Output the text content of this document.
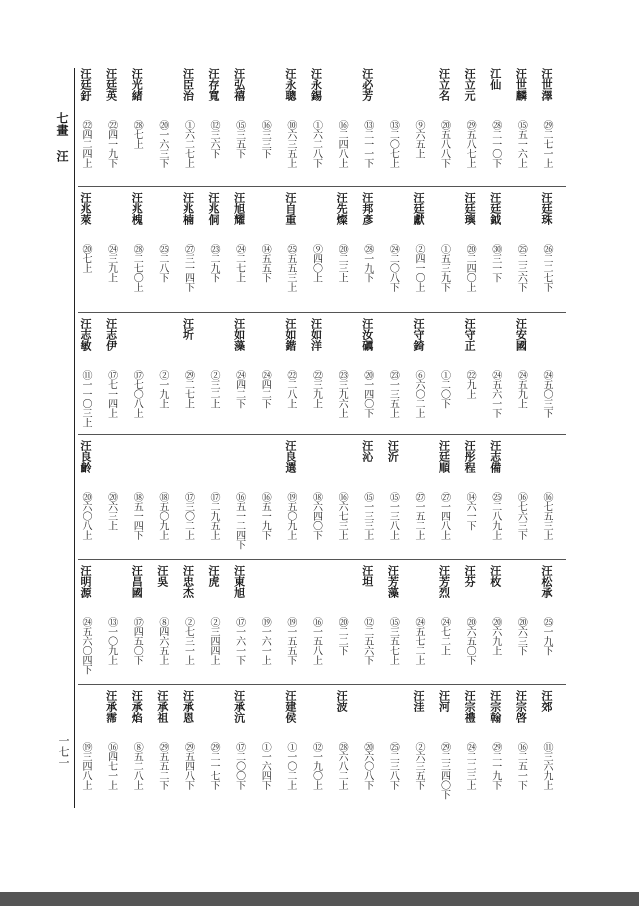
七畫
汪
一七一
汪世澤
㉙二七一上
汪世麟
⑮五一六上
江仙
㉘二一〇下
汪立元
㉙五八七上
汪立名
⑳五八八下
⑨六五上
⑬二〇七上
汪必芳
⑬二一一下
⑯二四八上
汪永錫
①六二八下
汪永聰
⑩六三五上
⑯三三下
汪弘禧
⑮三五下
汪存寬
⑫三六下
汪臣治
①六二七上
⑳一六三下
汪光緒
㉘七上
汪廷英
㉒四一九下
汪廷釪
㉒四二四上
汪廷珠
㉖二二七下
㉕二三六下
汪廷鉞
㉚三一下
汪廷璵
⑳二四〇上
①五三九下
汪廷獻
②四一〇上
㉔二〇八下
汪邦彥
㉘一九下
汪先燦
⑳二三上
⑨四〇上
汪自重
㉕五五三上
⑭五五下
汪旭耀
㉔二七上
汪兆侗
㉓二九下
汪兆楠
㉗三一四下
㉕二八下
汪兆槐
㉘二七〇上
㉔三九上
汪兆萊
⑳七上
㉔五〇三下
汪安國
㉔五九上
㉔五六一下
汪守正
㉒九上
①二〇下
汪守錡
⑥六〇二上
㉓一三五上
汪汝礪
⑳一四〇下
㉓三九六上
汪如洋
㉒三九上
汪如鍇
㉒二八上
㉔四二下
汪如藻
㉔四二下
②三二上
汪圻
㉙二七上
②一九上
⑰七〇八上
汪志伊
⑰七一四上
汪志敏
⑪一一〇三上
⑯七五三上
⑯七六三下
汪志備
㉕二八九上
汪彤程
⑭六一下
汪廷順
㉗一四八上
㉗一五二上
汪沂
⑮一三八上
汪沁
⑮一三三上
⑯六七三上
⑱六四〇下
汪良選
⑲五〇九上
⑯五一九下
⑯五一二四下
⑰二九五上
⑰三〇二上
⑱五〇九上
⑱五一四下
⑳六三上
汪良齡
⑳六〇八上
汪松承
㉕一九下
⑳六三下
汪枚
⑳六九上
汪芬
⑳六五〇下
汪芳烈
㉔七二上
㉔五七二上
汪芳藻
⑮三五七上
汪坦
⑫二五六下
⑳二二下
⑯一五八上
⑲一五五下
⑲一六一上
汪東旭
⑰一六一下
汪虎
②三四四上
汪忠杰
②七三一上
汪吳
⑧四六五上
汪昌國
⑰四五〇下
⑬一〇九上
汪明源
㉔五六〇四下
汪郊
⑪三六九上
汪宗啓
⑯二五一下
汪宗翰
㉙二一九下
汪宗禮
㉔二二三上
汪河
㉙二三四〇下
汪洼
②六三五下
㉕二三八下
⑳六〇八下
汪波
㉘六八二上
⑫一九〇上
汪建侯
①一〇二上
①一六四下
汪承沆
⑰二〇〇下
㉙二一七下
汪承恩
㉙五四八下
汪承祖
㉙五五二下
汪承焰
⑧五二八上
汪承霈
⑯四七一上
⑲三四八上
